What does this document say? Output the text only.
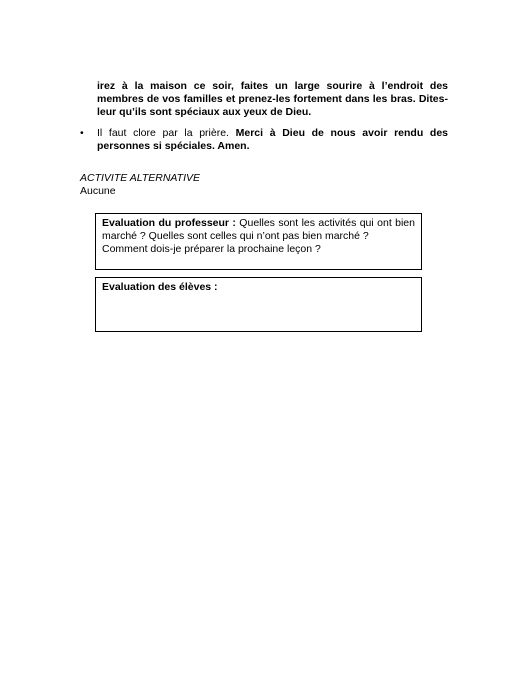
irez à la maison ce soir, faites un large sourire à l’endroit des membres de vos familles et prenez-les fortement dans les bras. Dites-leur qu’ils sont spéciaux aux yeux de Dieu.
•	Il faut clore par la prière. Merci à Dieu de nous avoir rendu des personnes si spéciales. Amen.
ACTIVITE ALTERNATIVE
Aucune
Evaluation du professeur : Quelles sont les activités qui ont bien marché ? Quelles sont celles qui n’ont pas bien marché ?
Comment dois-je préparer la prochaine leçon ?
Evaluation des élèves :
